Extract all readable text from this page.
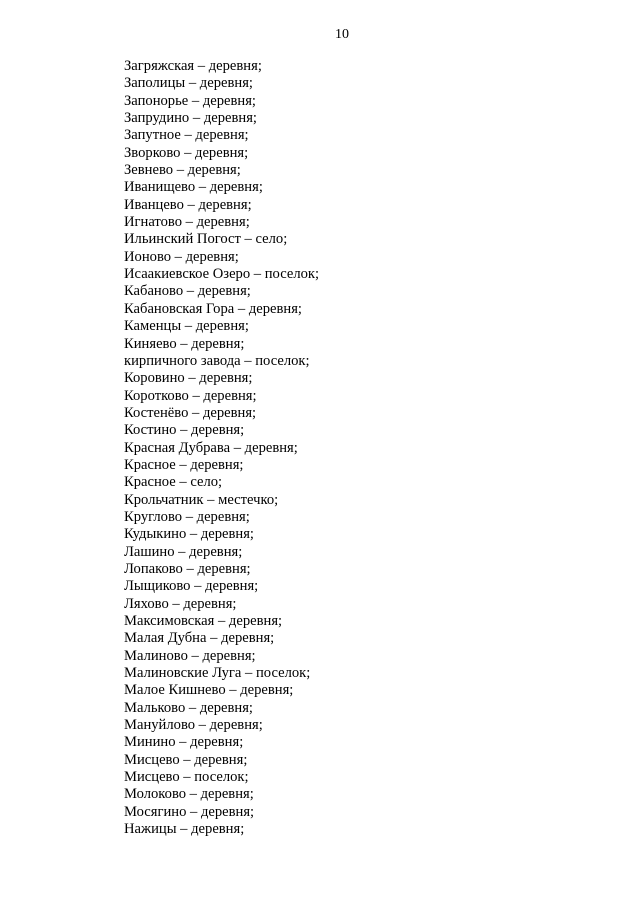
10
Загряжская – деревня;
Заполицы – деревня;
Запонорье – деревня;
Запрудино – деревня;
Запутное – деревня;
Зворково – деревня;
Зевнево – деревня;
Иванищево – деревня;
Иванцево – деревня;
Игнатово – деревня;
Ильинский Погост – село;
Ионово – деревня;
Исаакиевское Озеро – поселок;
Кабаново – деревня;
Кабановская Гора – деревня;
Каменцы – деревня;
Киняево – деревня;
кирпичного завода – поселок;
Коровино – деревня;
Коротково – деревня;
Костенёво – деревня;
Костино – деревня;
Красная Дубрава – деревня;
Красное – деревня;
Красное – село;
Крольчатник – местечко;
Круглово – деревня;
Кудыкино – деревня;
Лашино – деревня;
Лопаково – деревня;
Лыщиково – деревня;
Ляхово – деревня;
Максимовская – деревня;
Малая Дубна – деревня;
Малиново – деревня;
Малиновские Луга – поселок;
Малое Кишнево – деревня;
Мальково – деревня;
Мануйлово – деревня;
Минино – деревня;
Мисцево – деревня;
Мисцево – поселок;
Молоково – деревня;
Мосягино – деревня;
Нажицы – деревня;
